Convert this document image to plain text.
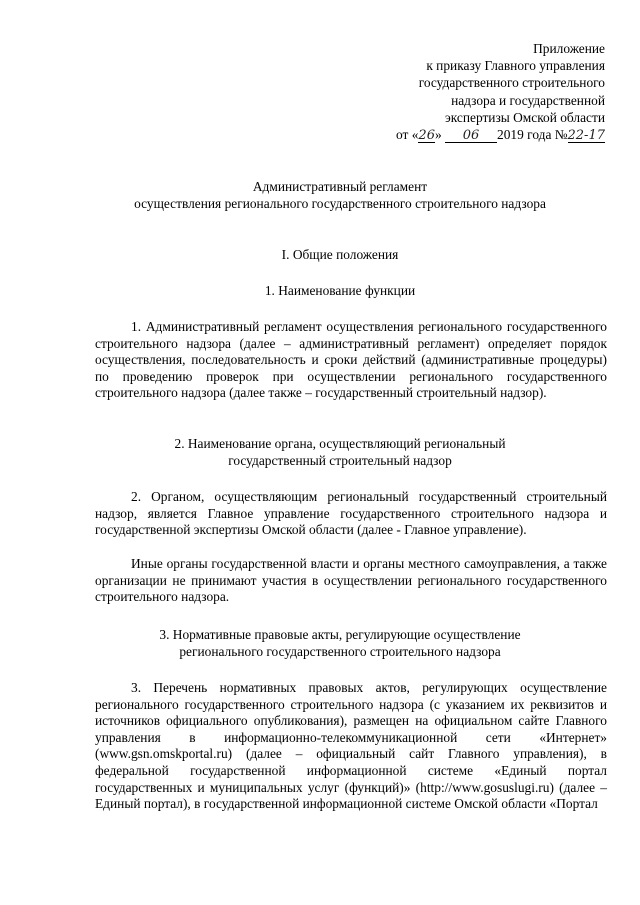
Приложение
к приказу Главного управления
государственного строительного
надзора и государственной
экспертизы Омской области
от «26» 06 2019 года №22-17
Административный регламент
осуществления регионального государственного строительного надзора
I. Общие положения
1. Наименование функции
1. Административный регламент осуществления регионального государственного строительного надзора (далее – административный регламент) определяет порядок осуществления, последовательность и сроки действий (административные процедуры) по проведению проверок при осуществлении регионального государственного строительного надзора (далее также – государственный строительный надзор).
2. Наименование органа, осуществляющий региональный
государственный строительный надзор
2. Органом, осуществляющим региональный государственный строительный надзор, является Главное управление государственного строительного надзора и государственной экспертизы Омской области (далее - Главное управление).
Иные органы государственной власти и органы местного самоуправления, а также организации не принимают участия в осуществлении регионального государственного строительного надзора.
3. Нормативные правовые акты, регулирующие осуществление
регионального государственного строительного надзора
3. Перечень нормативных правовых актов, регулирующих осуществление регионального государственного строительного надзора (с указанием их реквизитов и источников официального опубликования), размещен на официальном сайте Главного управления в информационно-телекоммуникационной сети «Интернет» (www.gsn.omskportal.ru) (далее – официальный сайт Главного управления), в федеральной государственной информационной системе «Единый портал государственных и муниципальных услуг (функций)» (http://www.gosuslugi.ru) (далее – Единый портал), в государственной информационной системе Омской области «Портал
